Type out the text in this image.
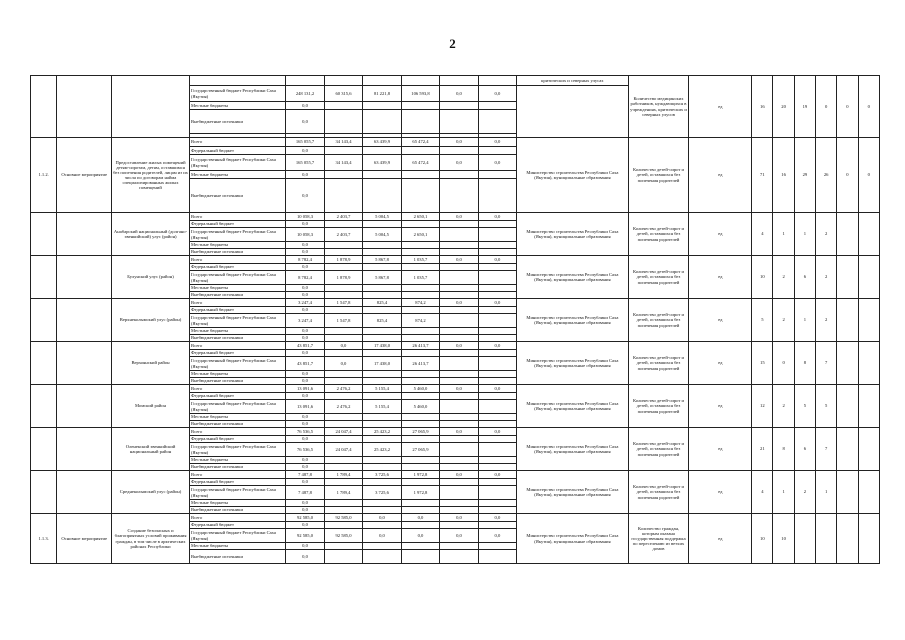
2
										критических и северных улусах	Количество медицинских работников, нуждающихся в учреждениях, критических и северных улусов	ед	16	20	19	0	0	0
			Государственный бюджет Республики Саха (Якутия)	248 131,2	60 315,6	81 221,8	106 593,8	0,0	0,0									
			Местные бюджеты	0,0														
			Внебюджетные источники	0,0														

1.1.2.	Основное мероприятие	Предоставление жилых помещений детям-сиротам, детям, оставшимся без попечения родителей, лицам из их числа по договорам найма специализированных жилых помещений	Всего	165 055,7	34 143,4	63 439,9	65 472,4	0,0	0,0	Министерство строительства Республики Саха (Якутия), муниципальные образования	Количество детей-сирот и детей, оставшихся без попечения родителей	ед	71	16	29	26	0	0
			Федеральный бюджет	0,0														
			Государственный бюджет Республики Саха (Якутия)	165 055,7	34 143,4	63 439,9	65 472,4	0,0	0,0									
			Местные бюджеты	0,0														
			Внебюджетные источники	0,0														
		Анабарский национальный (долгано-эвенкийский) улус (район)	Всего	10 058,3	2 403,7	5 004,5	2 650,1	0,0	0,0	Министерство строительства Республики Саха (Якутия), муниципальные образования	Количество детей-сирот и детей, оставшихся без попечения родителей	ед	4	1	1	2		
			Федеральный бюджет	0,0														
			Государственный бюджет Республики Саха (Якутия)	10 058,3	2 403,7	5 004,5	2 650,1											
			Местные бюджеты	0,0														
			Внебюджетные источники	0,0														
		Булунский улус (район)	Всего	8 782,4	1 878,9	5 867,8	1 035,7	0,0	0,0	Министерство строительства Республики Саха (Якутия), муниципальные образования	Количество детей-сирот и детей, оставшихся без попечения родителей	ед	10	2	6	2		
			Федеральный бюджет	0,0														
			Государственный бюджет Республики Саха (Якутия)	8 782,4	1 878,9	5 867,8	1 035,7											
			Местные бюджеты	0,0														
			Внебюджетные источники	0,0														
		Верхнеколымский улус (район)	Всего	3 247,4	1 547,8	825,4	874,2	0,0	0,0	Министерство строительства Республики Саха (Якутия), муниципальные образования	Количество детей-сирот и детей, оставшихся без попечения родителей	ед	5	2	1	2		
			Федеральный бюджет	0,0														
			Государственный бюджет Республики Саха (Якутия)	3 247,4	1 547,8	825,4	874,2											
			Местные бюджеты	0,0														
			Внебюджетные источники	0,0														
		Верхоянский район	Всего	43 851,7	0,0	17 438,0	26 413,7	0,0	0,0	Министерство строительства Республики Саха (Якутия), муниципальные образования	Количество детей-сирот и детей, оставшихся без попечения родителей	ед	15	0	8	7		
			Федеральный бюджет	0,0														
			Государственный бюджет Республики Саха (Якутия)	43 851,7	0,0	17 438,0	26 413,7											
			Местные бюджеты	0,0														
			Внебюджетные источники	0,0														
		Момский район	Всего	13 091,6	2 476,2	5 155,4	5 460,0	0,0	0,0	Министерство строительства Республики Саха (Якутия), муниципальные образования	Количество детей-сирот и детей, оставшихся без попечения родителей	ед	12	2	5	5		
			Федеральный бюджет	0,0														
			Государственный бюджет Республики Саха (Якутия)	13 091,6	2 476,2	5 155,4	5 460,0											
			Местные бюджеты	0,0														
			Внебюджетные источники	0,0														
		Оленекский эвенкийский национальный район	Всего	76 536,5	24 047,4	25 423,2	27 065,9	0,0	0,0	Министерство строительства Республики Саха (Якутия), муниципальные образования	Количество детей-сирот и детей, оставшихся без попечения родителей	ед	21	8	6	7		
			Федеральный бюджет	0,0														
			Государственный бюджет Республики Саха (Якутия)	76 536,5	24 047,4	25 423,2	27 065,9											
			Местные бюджеты	0,0														
			Внебюджетные источники	0,0														
		Среднеколымский улус (район)	Всего	7 487,8	1 789,4	3 725,6	1 972,8	0,0	0,0	Министерство строительства Республики Саха (Якутия), муниципальные образования	Количество детей-сирот и детей, оставшихся без попечения родителей	ед	4	1	2	1		
			Федеральный бюджет	0,0														
			Государственный бюджет Республики Саха (Якутия)	7 487,8	1 789,4	3 725,6	1 972,8											
			Местные бюджеты	0,0														
			Внебюджетные источники	0,0														
1.1.3.	Основное мероприятие	Создание безопасных и благоприятных условий проживания граждан, в том числе в арктических районах Республики	Всего	92 585,0	92 585,0	0,0	0,0	0,0	0,0	Министерство строительства Республики Саха (Якутия), муниципальные образования	Количество граждан, которым оказана государственная поддержка по переселению из ветхих домов	ед	10	10				
			Федеральный бюджет	0,0														
			Государственный бюджет Республики Саха (Якутия)	92 585,0	92 585,0	0,0	0,0	0,0	0,0									
			Местные бюджеты	0,0														
			Внебюджетные источники	0,0														
